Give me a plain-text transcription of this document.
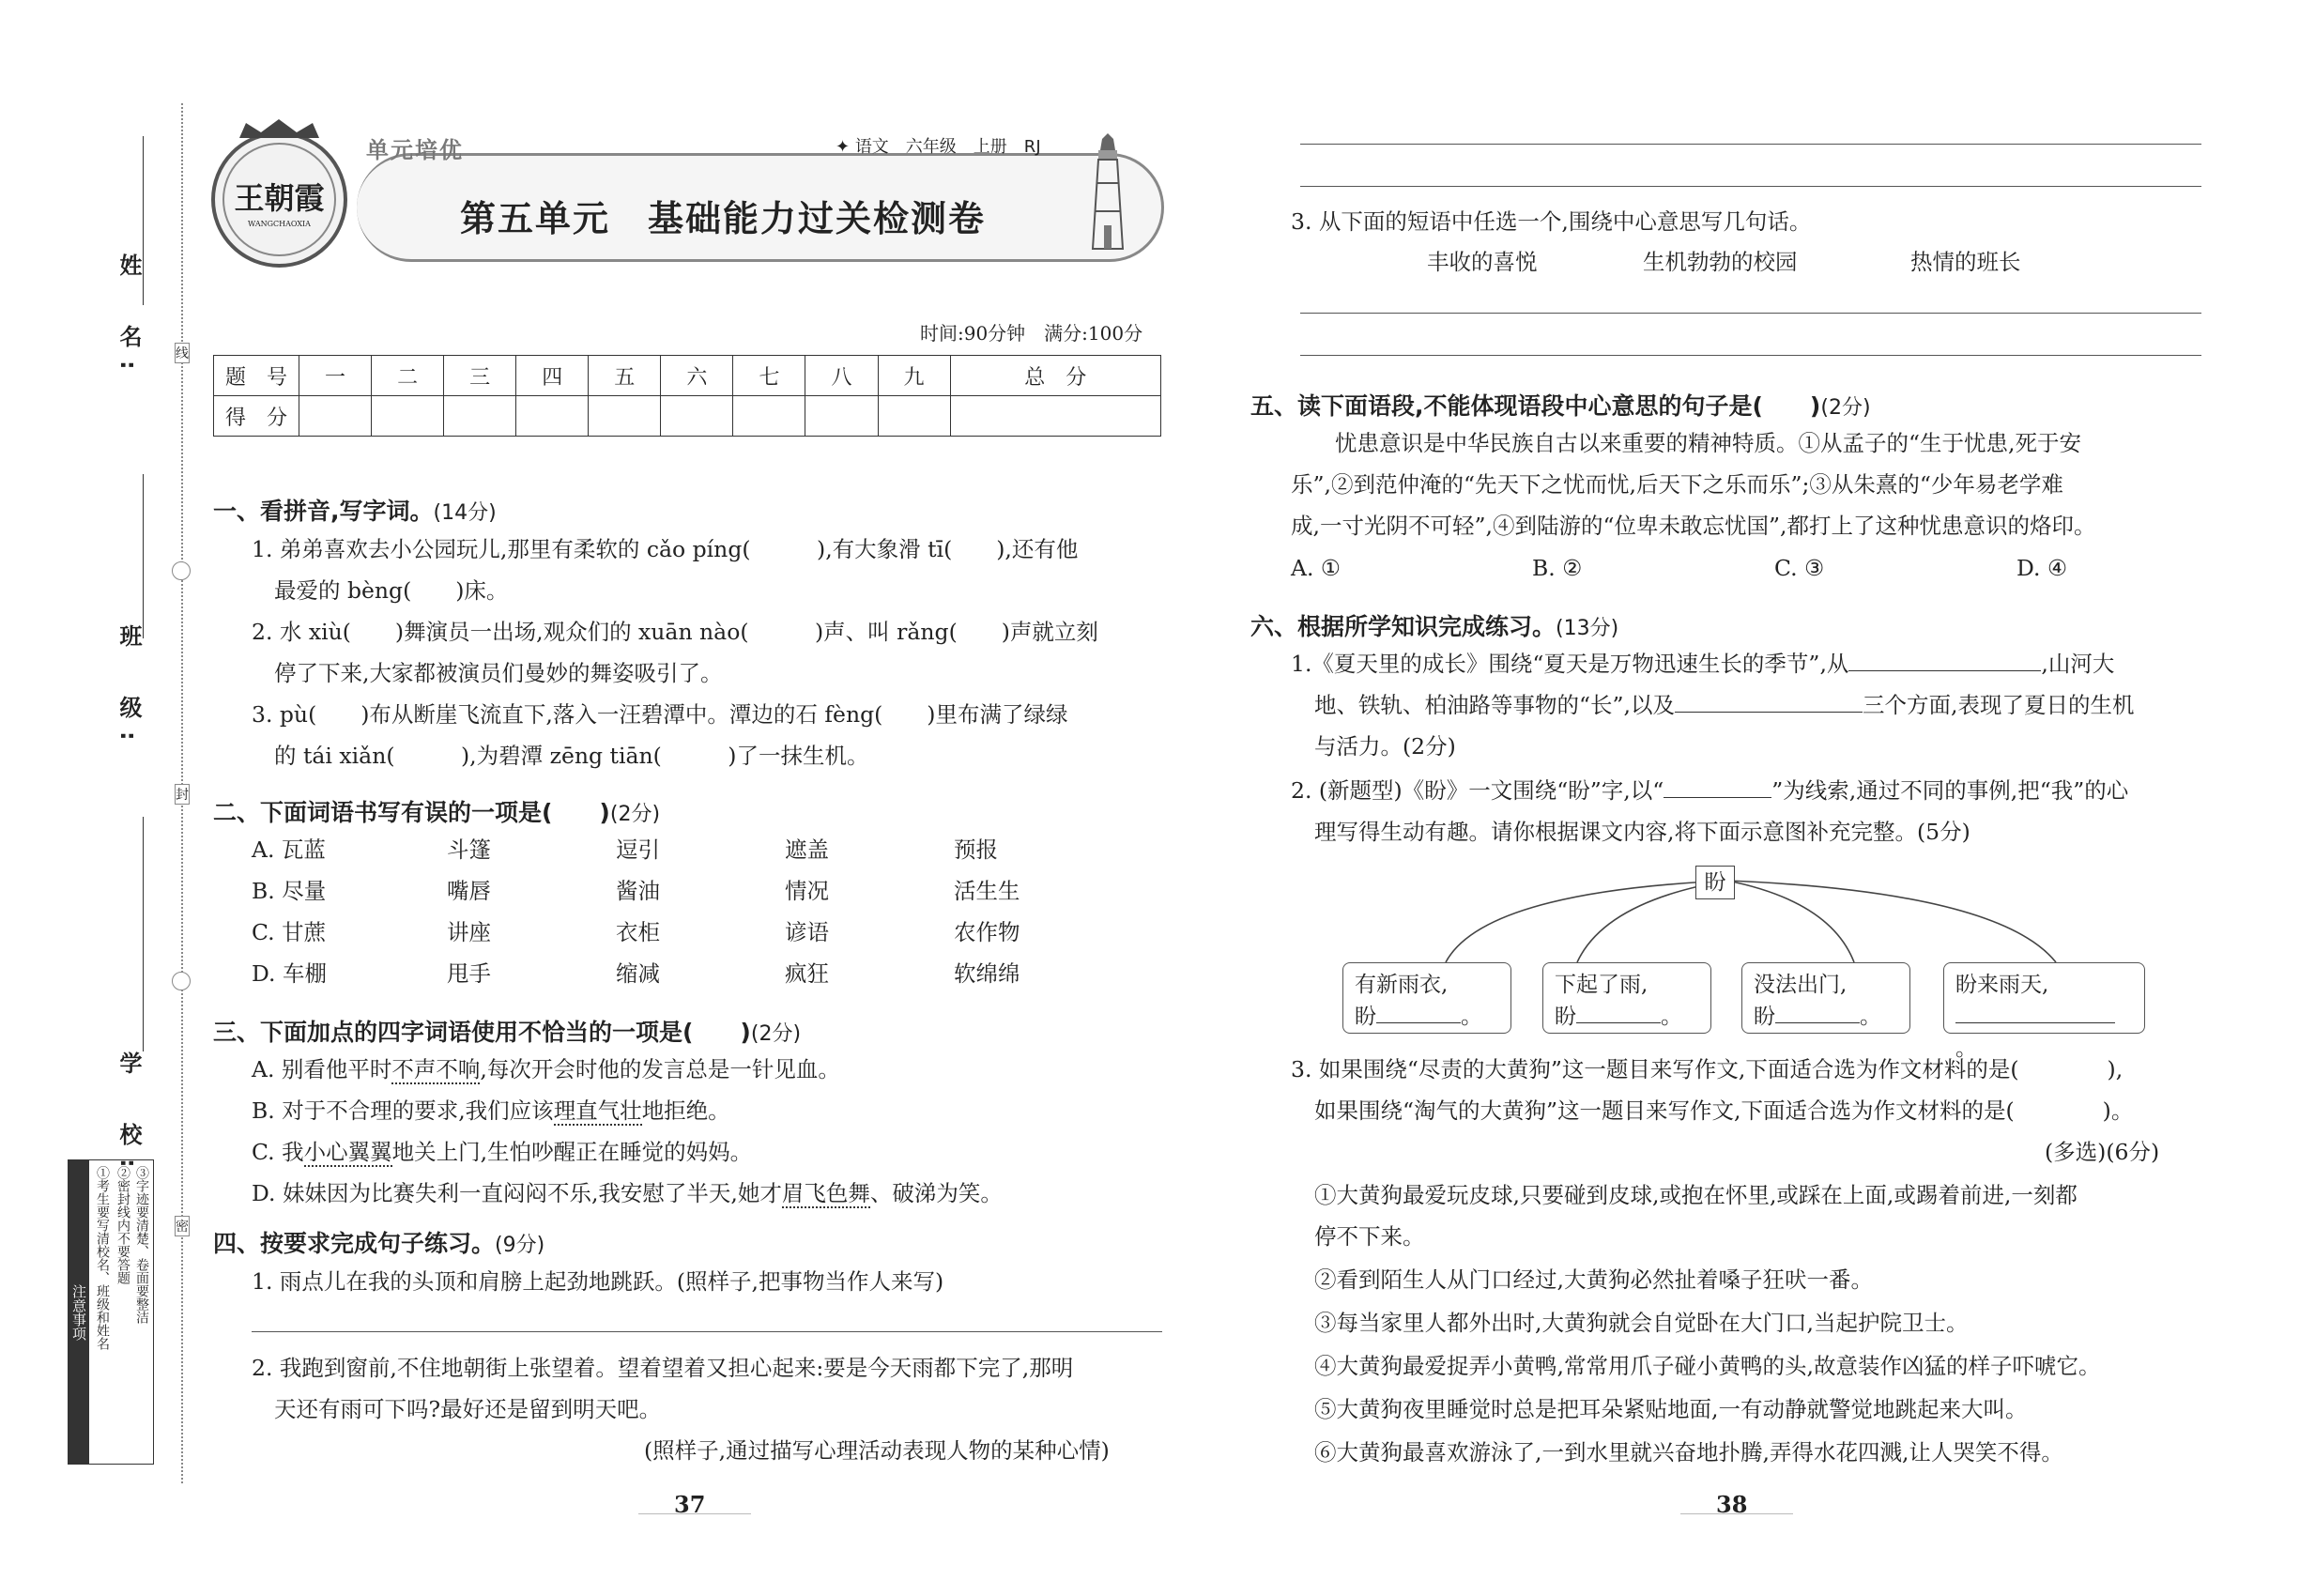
姓　名:
班　级:
学　校:
线
封
密
注意事项 ①考生要写清校名、班级和姓名 ②密封线内不要答题 ③字迹要清楚、卷面要整洁
王朝霞
WANGCHAOXIA
单元培优	✦ 语文　六年级　上册　RJ
第五单元　基础能力过关检测卷
时间:90分钟　满分:100分
题　号	一	二	三	四	五	六	七	八	九	总　分
得　分										
一、看拼音,写字词。(14分)
1. 弟弟喜欢去小公园玩儿,那里有柔软的 cǎo píng(　　　),有大象滑 tī(　　),还有他
最爱的 bèng(　　)床。
2. 水 xiù(　　)舞演员一出场,观众们的 xuān nào(　　　)声、叫 rǎng(　　)声就立刻
停了下来,大家都被演员们曼妙的舞姿吸引了。
3. pù(　　)布从断崖飞流直下,落入一汪碧潭中。潭边的石 fèng(　　)里布满了绿绿
的 tái xiǎn(　　　),为碧潭 zēng tiān(　　　)了一抹生机。
二、下面词语书写有误的一项是(　　)(2分)
A. 瓦蓝	斗篷	逗引	遮盖	预报
B. 尽量	嘴唇	酱油	情况	活生生
C. 甘蔗	讲座	衣柜	谚语	农作物
D. 车棚	甩手	缩减	疯狂	软绵绵
三、下面加点的四字词语使用不恰当的一项是(　　)(2分)
A. 别看他平时不声不响,每次开会时他的发言总是一针见血。
B. 对于不合理的要求,我们应该理直气壮地拒绝。
C. 我小心翼翼地关上门,生怕吵醒正在睡觉的妈妈。
D. 妹妹因为比赛失利一直闷闷不乐,我安慰了半天,她才眉飞色舞、破涕为笑。
四、按要求完成句子练习。(9分)
1. 雨点儿在我的头顶和肩膀上起劲地跳跃。(照样子,把事物当作人来写)
2. 我跑到窗前,不住地朝街上张望着。望着望着又担心起来:要是今天雨都下完了,那明
天还有雨可下吗?最好还是留到明天吧。
(照样子,通过描写心理活动表现人物的某种心情)
37
3. 从下面的短语中任选一个,围绕中心意思写几句话。
丰收的喜悦	生机勃勃的校园	热情的班长
五、读下面语段,不能体现语段中心意思的句子是(　　)(2分)
忧患意识是中华民族自古以来重要的精神特质。①从孟子的“生于忧患,死于安
乐”,②到范仲淹的“先天下之忧而忧,后天下之乐而乐”;③从朱熹的“少年易老学难
成,一寸光阴不可轻”,④到陆游的“位卑未敢忘忧国”,都打上了这种忧患意识的烙印。
A. ①	B. ②	C. ③	D. ④
六、根据所学知识完成练习。(13分)
1.《夏天里的成长》围绕“夏天是万物迅速生长的季节”,从	,山河大
地、铁轨、柏油路等事物的“长”,以及	三个方面,表现了夏日的生机
与活力。(2分)
2. (新题型)《盼》一文围绕“盼”字,以“	”为线索,通过不同的事例,把“我”的心
理写得生动有趣。请你根据课文内容,将下面示意图补充完整。(5分)
盼
有新雨衣,
盼	。
下起了雨,
盼	。
没法出门,
盼	。
盼来雨天,
。
3. 如果围绕“尽责的大黄狗”这一题目来写作文,下面适合选为作文材料的是(　　　　),
如果围绕“淘气的大黄狗”这一题目来写作文,下面适合选为作文材料的是(　　　　)。
(多选)(6分)
①大黄狗最爱玩皮球,只要碰到皮球,或抱在怀里,或踩在上面,或踢着前进,一刻都
停不下来。
②看到陌生人从门口经过,大黄狗必然扯着嗓子狂吠一番。
③每当家里人都外出时,大黄狗就会自觉卧在大门口,当起护院卫士。
④大黄狗最爱捉弄小黄鸭,常常用爪子碰小黄鸭的头,故意装作凶猛的样子吓唬它。
⑤大黄狗夜里睡觉时总是把耳朵紧贴地面,一有动静就警觉地跳起来大叫。
⑥大黄狗最喜欢游泳了,一到水里就兴奋地扑腾,弄得水花四溅,让人哭笑不得。
38
